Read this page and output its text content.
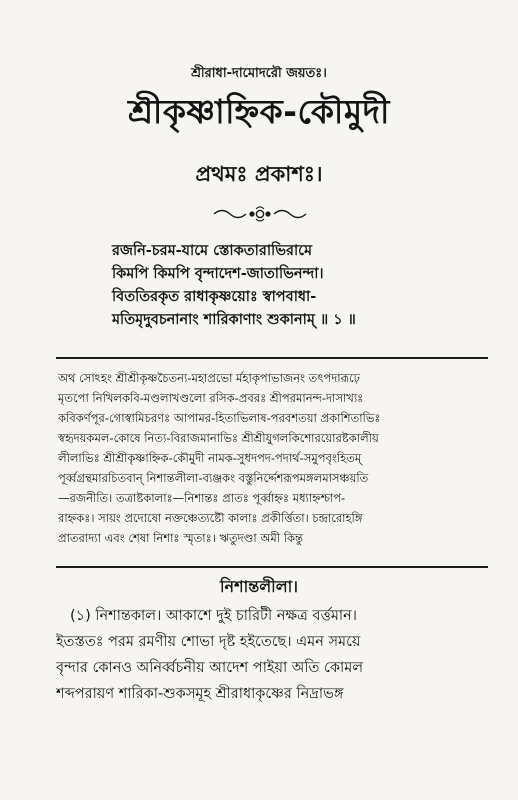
শ্রীরাধা-দামোদরৌ জয়তঃ।
শ্রীকৃষ্ণাহ্নিক-কৌমুদী
প্রথমঃ প্রকাশঃ।
রজনি-চরম-যামে স্তোকতারাভিরামে
কিমপি কিমপি বৃন্দাদেশ-জাতাভিনন্দা।
বিততিরকৃত রাধাকৃষ্ণয়োঃ স্বাপবাধা-
মতিমৃদুবচনানাং শারিকাণাং শুকানাম্ ॥ ১ ॥
অথ সোঽহং শ্রীশ্রীকৃষ্ণচৈতন্য-মহাপ্রভো র্মহাকৃপাভাজনং তৎপদারূঢ়ে
মৃতপো নিখিলকবি-মণ্ডলাখণ্ডলো রসিক-প্রবরঃ শ্রীপরমানন্দ-দাসাখ্যঃ
কবিকর্ণপূর-গোস্বামিচরণঃ আপামর-হিতাভিলাষ-পরবশতয়া প্রকাশিতাভিঃ
স্বহৃদয়কমল-কোষে নিত্য-বিরাজমানাভিঃ শ্রীশ্রীযুগলকিশোরয়োরষ্টকালীয়
লীলাভিঃ শ্রীশ্রীকৃষ্ণাহ্নিক-কৌমুদী নামক-সুধদপদ-পদার্থ-সমুপবৃংহিতম্
পূর্ব্বগ্রন্থমারচিতবান্ নিশান্তলীলা-ব্যঞ্জকং বস্তুনির্দ্দেশরূপমঙ্গলমাসঞ্চয়তি
—রজনীতি। তত্রাষ্টকালাঃ—নিশান্তঃ প্রাতঃ পূর্ব্বাহ্নঃ মধ্যাহ্নশ্চাপ-
রাহ্নকঃ। সায়ং প্রদোষো নক্তঞ্চেত্যষ্টৌ কালাঃ প্রকীর্ত্তিতা। চন্দ্রারোহঙ্গি
প্রাতরাদ্যা এবং শেষা নিশাঃ স্মৃতাঃ। ঋতুদণ্ডা অমী কিন্তু
নিশান্তলীলা।
(১) নিশান্তকাল। আকাশে দুই চারিটী নক্ষত্র বর্ত্তমান।
ইতস্ততঃ পরম রমণীয় শোভা দৃষ্ট হইতেছে। এমন সময়ে
বৃন্দার কোনও অনির্ব্বচনীয় আদেশ পাইয়া অতি কোমল
শব্দপরায়ণ শারিকা-শুকসমূহ শ্রীরাধাকৃষ্ণের নিদ্রাভঙ্গ
